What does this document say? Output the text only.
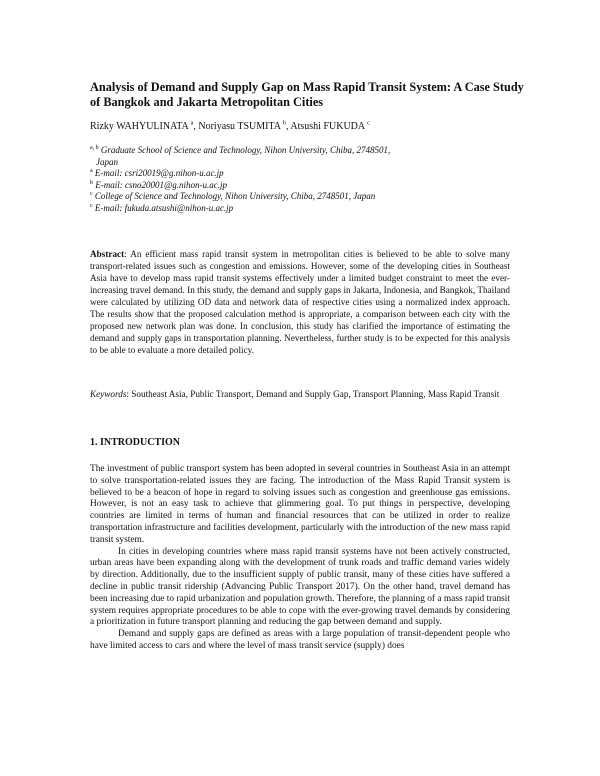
Analysis of Demand and Supply Gap on Mass Rapid Transit System: A Case Study of Bangkok and Jakarta Metropolitan Cities
Rizky WAHYULINATA $^a$, Noriyasu TSUMITA $^b$, Atsushi FUKUDA $^c$
$^{a, b}$ Graduate School of Science and Technology, Nihon University, Chiba, 2748501,
Japan
$^a$ E-mail: csri20019@g.nihon-u.ac.jp
$^b$ E-mail: csno20001@g.nihon-u.ac.jp
$^c$ College of Science and Technology, Nihon University, Chiba, 2748501, Japan
$^c$ E-mail: fukuda.atsushi@nihon-u.ac.jp
Abstract: An efficient mass rapid transit system in metropolitan cities is believed to be able to solve many transport-related issues such as congestion and emissions. However, some of the developing cities in Southeast Asia have to develop mass rapid transit systems effectively under a limited budget constraint to meet the ever-increasing travel demand. In this study, the demand and supply gaps in Jakarta, Indonesia, and Bangkok, Thailand were calculated by utilizing OD data and network data of respective cities using a normalized index approach. The results show that the proposed calculation method is appropriate, a comparison between each city with the proposed new network plan was done. In conclusion, this study has clarified the importance of estimating the demand and supply gaps in transportation planning. Nevertheless, further study is to be expected for this analysis to be able to evaluate a more detailed policy.
Keywords: Southeast Asia, Public Transport, Demand and Supply Gap, Transport Planning, Mass Rapid Transit
1. INTRODUCTION

The investment of public transport system has been adopted in several countries in Southeast Asia in an attempt to solve transportation-related issues they are facing. The introduction of the Mass Rapid Transit system is believed to be a beacon of hope in regard to solving issues such as congestion and greenhouse gas emissions. However, is not an easy task to achieve that glimmering goal. To put things in perspective, developing countries are limited in terms of human and financial resources that can be utilized in order to realize transportation infrastructure and facilities development, particularly with the introduction of the new mass rapid transit system.

In cities in developing countries where mass rapid transit systems have not been actively constructed, urban areas have been expanding along with the development of trunk roads and traffic demand varies widely by direction. Additionally, due to the insufficient supply of public transit, many of these cities have suffered a decline in public transit ridership (Advancing Public Transport 2017). On the other hand, travel demand has been increasing due to rapid urbanization and population growth. Therefore, the planning of a mass rapid transit system requires appropriate procedures to be able to cope with the ever-growing travel demands by considering a prioritization in future transport planning and reducing the gap between demand and supply.

Demand and supply gaps are defined as areas with a large population of transit-dependent people who have limited access to cars and where the level of mass transit service (supply) does
